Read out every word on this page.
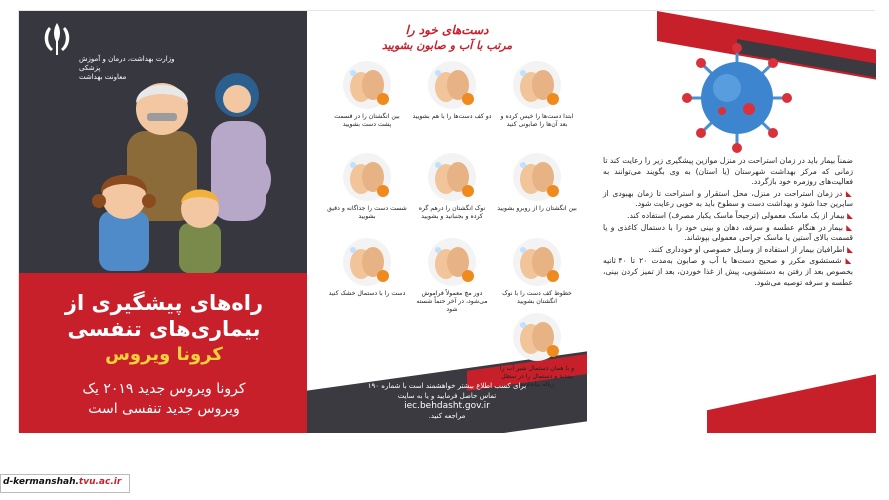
وزارت بهداشت، درمان و آموزش پزشکی
معاونت بهداشت
راه‌های پیشگیری از
بیماری‌های تنفسی
کرونا ویروس
کرونا ویروس جدید ۲۰۱۹ یک
ویروس جدید تنفسی است
دست‌های خود را
مرتب با آب و صابون بشویید
ابتدا دست‌ها را خیس کرده و بعد آن‌ها را صابونی کنید
دو کف دست‌ها را با هم بشویید
بین انگشتان را در قسمت پشت دست بشویید
بین انگشتان را از روبرو بشویید
نوک انگشتان را درهم گره کرده و بجنبانید و بشویید
شست دست را جداگانه و دقیق بشویید
خطوط کف دست را با نوک انگشتان بشویید
دور مچ معمولاً فراموش می‌شود، در آخر حتماً شسته شود
دست را با دستمال خشک کنید
و با همان دستمال شیر آب را ببندید و دستمال را در سطل زباله بیاندازید
برای کسب اطلاع بیشتر خواهشمند است با شماره ۱۹۰
تماس حاصل فرمایید و یا به سایت
iec.behdasht.gov.ir
مراجعه کنید.

ضمناً بیمار باید در زمان استراحت در منزل موازین پیشگیری زیر را رعایت کند تا زمانی که مرکز بهداشت شهرستان (یا استان) به وی بگویند می‌توانند به فعالیت‌های روزمره خود بازگردد.

◣ در زمان استراحت در منزل، محل استقرار و استراحت تا زمان بهبودی از سایرین جدا شود و بهداشت دست و سطوح باید به خوبی رعایت شود.

◣ بیمار از یک ماسک معمولی (ترجیحاً ماسک یکبار مصرف) استفاده کند.

◣ بیمار در هنگام عطسه و سرفه، دهان و بینی خود را با دستمال کاغذی و یا قسمت بالای آستین یا ماسک جراحی معمولی بپوشاند.

◣ اطرافیان بیمار از استفاده از وسایل خصوصی او خودداری کنند.

◣ شستشوی مکرر و صحیح دست‌ها با آب و صابون به‌مدت ۲۰ تا ۴۰ ثانیه بخصوص بعد از رفتن به دستشویی، پیش از غذا خوردن، بعد از تمیز کردن بینی، عطسه و سرفه توصیه می‌شود.

d-kermanshah.tvu.ac.ir
